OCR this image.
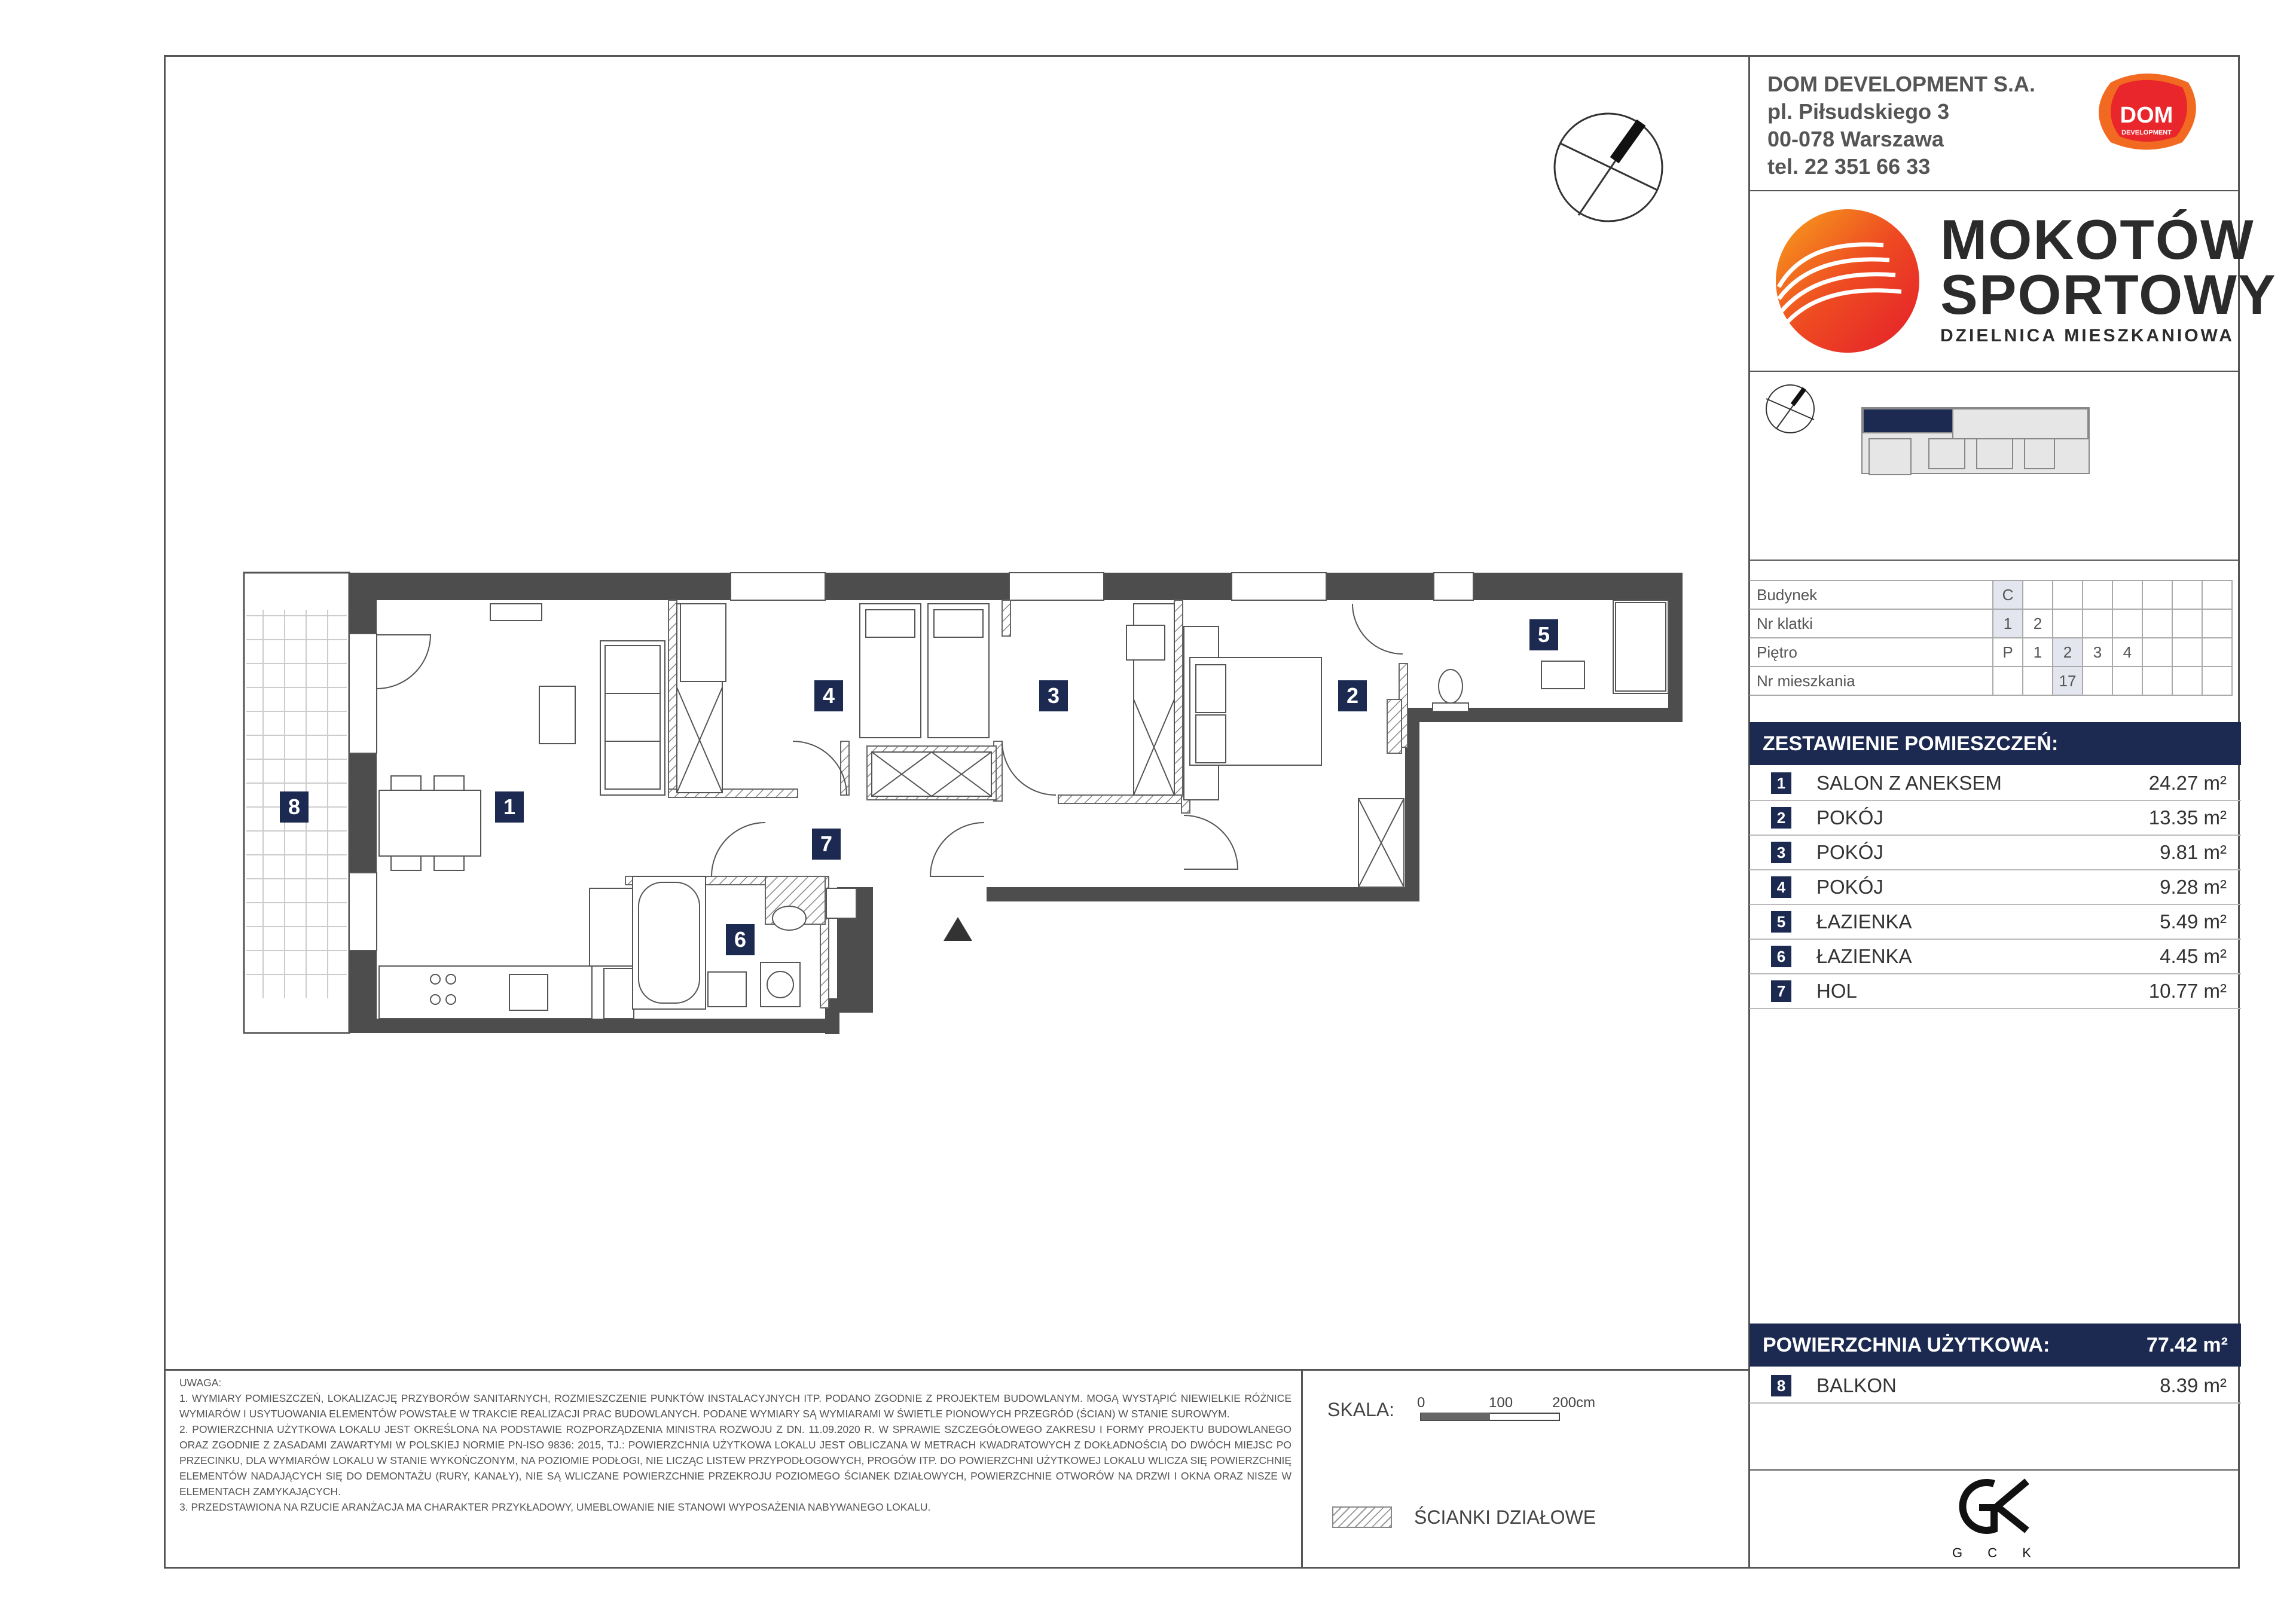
DOM DEVELOPMENT S.A.
pl. Piłsudskiego 3
00-078 Warszawa
tel. 22 351 66 33
DOM
DEVELOPMENT
MOKOTÓW
SPORTOWY
DZIELNICA MIESZKANIOWA
Budynek	C							
Nr klatki	1	2						
Piętro	P	1	2	3	4			
Nr mieszkania			17					
ZESTAWIENIE POMIESZCZEŃ:
1 SALON Z ANEKSEM	24.27 m²
2 POKÓJ	13.35 m²
3 POKÓJ	9.81 m²
4 POKÓJ	9.28 m²
5 ŁAZIENKA	5.49 m²
6 ŁAZIENKA	4.45 m²
7 HOL	10.77 m²
POWIERZCHNIA UŻYTKOWA:	77.42 m²
8 BALKON	8.39 m²
G C K
UWAGA:
1. WYMIARY POMIESZCZEŃ, LOKALIZACJĘ PRZYBORÓW SANITARNYCH, ROZMIESZCZENIE PUNKTÓW INSTALACYJNYCH ITP. PODANO ZGODNIE Z PROJEKTEM BUDOWLANYM. MOGĄ WYSTĄPIĆ NIEWIELKIE RÓŻNICE WYMIARÓW I USYTUOWANIA ELEMENTÓW POWSTAŁE W TRAKCIE REALIZACJI PRAC BUDOWLANYCH. PODANE WYMIARY SĄ WYMIARAMI W ŚWIETLE PIONOWYCH PRZEGRÓD (ŚCIAN) W STANIE SUROWYM.
2. POWIERZCHNIA UŻYTKOWA LOKALU JEST OKREŚLONA NA PODSTAWIE ROZPORZĄDZENIA MINISTRA ROZWOJU Z DN. 11.09.2020 R. W SPRAWIE SZCZEGÓŁOWEGO ZAKRESU I FORMY PROJEKTU BUDOWLANEGO ORAZ ZGODNIE Z ZASADAMI ZAWARTYMI W POLSKIEJ NORMIE PN-ISO 9836: 2015, TJ.: POWIERZCHNIA UŻYTKOWA LOKALU JEST OBLICZANA W METRACH KWADRATOWYCH Z DOKŁADNOŚCIĄ DO DWÓCH MIEJSC PO PRZECINKU, DLA WYMIARÓW LOKALU W STANIE WYKOŃCZONYM, NA POZIOMIE PODŁOGI, NIE LICZĄC LISTEW PRZYPODŁOGOWYCH, PROGÓW ITP. DO POWIERZCHNI UŻYTKOWEJ LOKALU WLICZA SIĘ POWIERZCHNIĘ ELEMENTÓW NADAJĄCYCH SIĘ DO DEMONTAŻU (RURY, KANAŁY), NIE SĄ WLICZANE POWIERZCHNIE PRZEKROJU POZIOMEGO ŚCIANEK DZIAŁOWYCH, POWIERZCHNIE OTWORÓW NA DRZWI I OKNA ORAZ NISZE W ELEMENTACH ZAMYKAJĄCYCH.
3. PRZEDSTAWIONA NA RZUCIE ARANŻACJA MA CHARAKTER PRZYKŁADOWY, UMEBLOWANIE NIE STANOWI WYPOSAŻENIA NABYWANEGO LOKALU.
SKALA: 0	100	200cm
ŚCIANKI DZIAŁOWE
1
2
3
4
5
6
7
8
